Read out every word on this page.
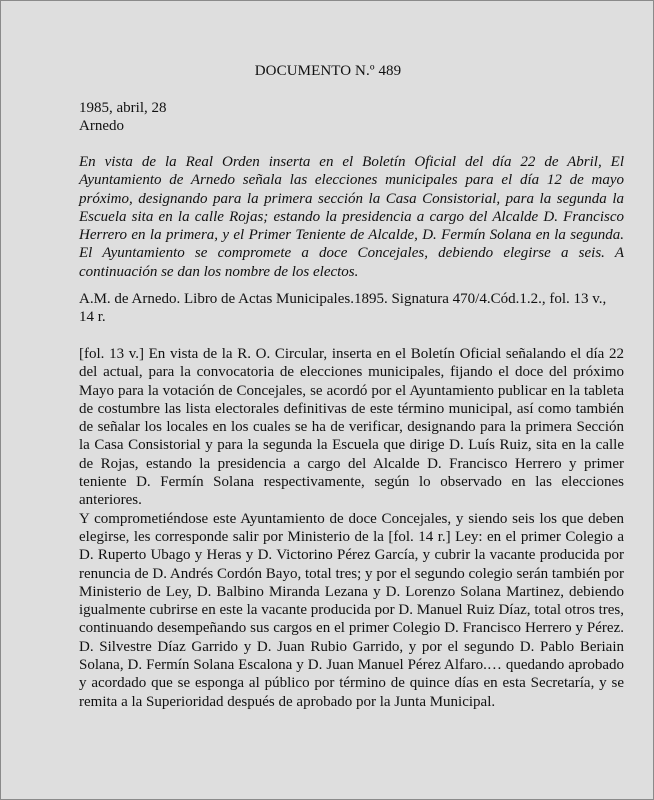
DOCUMENTO N.º 489
1985, abril, 28
Arnedo
En vista de la Real Orden inserta en el Boletín Oficial del día 22 de Abril, El Ayuntamiento de Arnedo señala las elecciones municipales para el día 12 de mayo próximo, designando para la primera sección la Casa Consistorial, para la segunda la Escuela sita en la calle Rojas; estando la presidencia a cargo del Alcalde D. Francisco Herrero en la primera, y el Primer Teniente de Alcalde, D. Fermín Solana en la segunda. El Ayuntamiento se compromete a doce Concejales, debiendo elegirse a seis. A continuación se dan los nombre de los electos.
A.M. de Arnedo. Libro de Actas Municipales.1895. Signatura 470/4.Cód.1.2., fol. 13 v., 14 r.

[fol. 13 v.] En vista de la R. O. Circular, inserta en el Boletín Oficial señalando el día 22 del actual, para la convocatoria de elecciones municipales, fijando el doce del próximo Mayo para la votación de Concejales, se acordó por el Ayuntamiento publicar en la tableta de costumbre las lista electorales definitivas de este término municipal, así como también de señalar los locales en los cuales se ha de verificar, designando para la primera Sección la Casa Consistorial y para la segunda la Escuela que dirige D. Luís Ruiz, sita en la calle de Rojas, estando la presidencia a cargo del Alcalde D. Francisco Herrero y primer teniente D. Fermín Solana respectivamente, según lo observado en las elecciones anteriores.

Y comprometiéndose este Ayuntamiento de doce Concejales, y siendo seis los que deben elegirse, les corresponde salir por Ministerio de la [fol. 14 r.] Ley: en el primer Colegio a D. Ruperto Ubago y Heras y D. Victorino Pérez García, y cubrir la vacante producida por renuncia de D. Andrés Cordón Bayo, total tres; y por el segundo colegio serán también por Ministerio de Ley, D. Balbino Miranda Lezana y D. Lorenzo Solana Martinez, debiendo igualmente cubrirse en este la vacante producida por D. Manuel Ruiz Díaz, total otros tres, continuando desempeñando sus cargos en el primer Colegio D. Francisco Herrero y Pérez. D. Silvestre Díaz Garrido y D. Juan Rubio Garrido, y por el segundo D. Pablo Beriain Solana, D. Fermín Solana Escalona y D. Juan Manuel Pérez Alfaro.… quedando aprobado y acordado que se esponga al público por término de quince días en esta Secretaría, y se remita a la Superioridad después de aprobado por la Junta Municipal.
